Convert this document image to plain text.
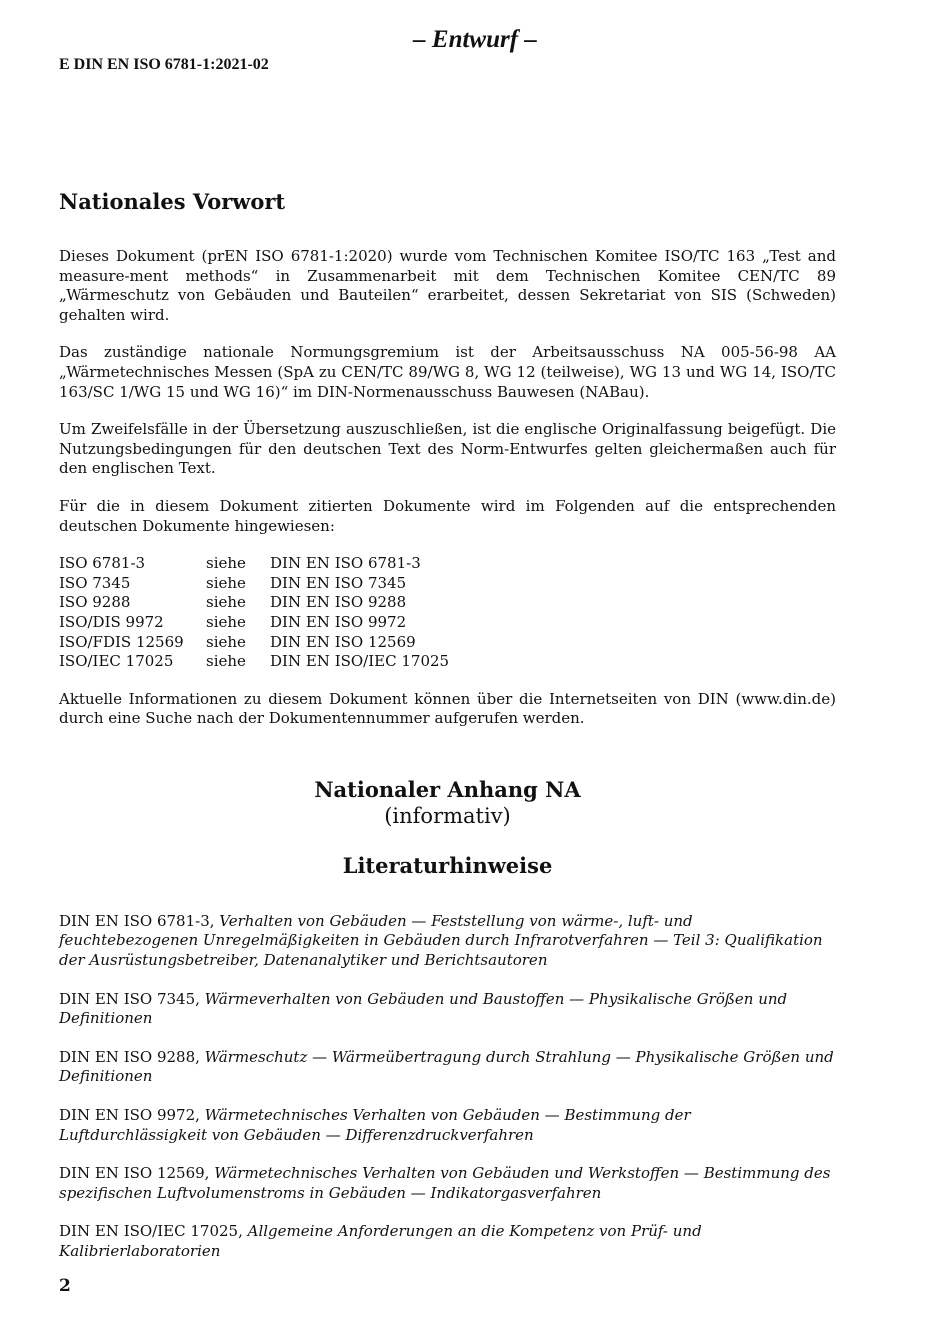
– Entwurf –
E DIN EN ISO 6781-1:2021-02
Nationales Vorwort

Dieses Dokument (prEN ISO 6781-1:2020) wurde vom Technischen Komitee ISO/TC 163 „Test and measure-ment methods“ in Zusammenarbeit mit dem Technischen Komitee CEN/TC 89 „Wärmeschutz von Gebäuden und Bauteilen“ erarbeitet, dessen Sekretariat von SIS (Schweden) gehalten wird.

Das zuständige nationale Normungsgremium ist der Arbeitsausschuss NA 005-56-98 AA „Wärmetechnisches Messen (SpA zu CEN/TC 89/WG 8, WG 12 (teilweise), WG 13 und WG 14, ISO/TC 163/SC 1/WG 15 und WG 16)“ im DIN-Normenausschuss Bauwesen (NABau).

Um Zweifelsfälle in der Übersetzung auszuschließen, ist die englische Originalfassung beigefügt. Die Nutzungsbedingungen für den deutschen Text des Norm-Entwurfes gelten gleichermaßen auch für den englischen Text.

Für die in diesem Dokument zitierten Dokumente wird im Folgenden auf die entsprechenden deutschen Dokumente hingewiesen:

ISO 6781-3	siehe	DIN EN ISO 6781-3
ISO 7345	siehe	DIN EN ISO 7345
ISO 9288	siehe	DIN EN ISO 9288
ISO/DIS 9972	siehe	DIN EN ISO 9972
ISO/FDIS 12569	siehe	DIN EN ISO 12569
ISO/IEC 17025	siehe	DIN EN ISO/IEC 17025

Aktuelle Informationen zu diesem Dokument können über die Internetseiten von DIN (www.din.de) durch eine Suche nach der Dokumentennummer aufgerufen werden.

Nationaler Anhang NA
(informativ)
Literaturhinweise

DIN EN ISO 6781-3, Verhalten von Gebäuden — Feststellung von wärme-, luft- und feuchtebezogenen Unregelmäßigkeiten in Gebäuden durch Infrarotverfahren — Teil 3: Qualifikation der Ausrüstungsbetreiber, Datenanalytiker und Berichtsautoren

DIN EN ISO 7345, Wärmeverhalten von Gebäuden und Baustoffen — Physikalische Größen und Definitionen

DIN EN ISO 9288, Wärmeschutz — Wärmeübertragung durch Strahlung — Physikalische Größen und Definitionen

DIN EN ISO 9972, Wärmetechnisches Verhalten von Gebäuden — Bestimmung der Luftdurchlässigkeit von Gebäuden — Differenzdruckverfahren

DIN EN ISO 12569, Wärmetechnisches Verhalten von Gebäuden und Werkstoffen — Bestimmung des spezifischen Luftvolumenstroms in Gebäuden — Indikatorgasverfahren

DIN EN ISO/IEC 17025, Allgemeine Anforderungen an die Kompetenz von Prüf- und Kalibrierlaboratorien

2
